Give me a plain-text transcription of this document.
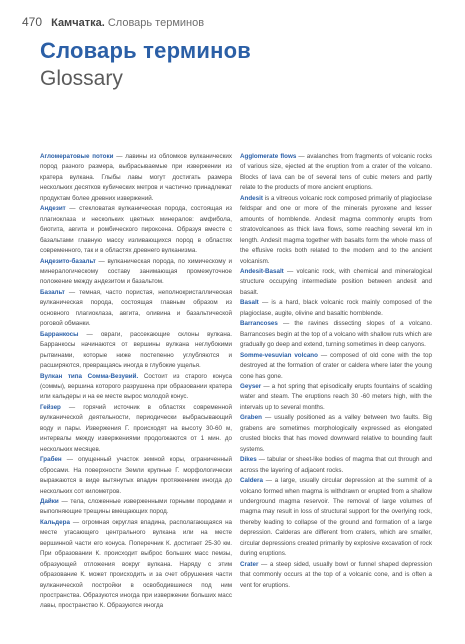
470 Камчатка. Словарь терминов
Словарь терминов
Glossary

Агломератовые потоки — лавины из обломков вулканических пород разного размера, выбрасываемые при извержении из кратера вулкана. Глыбы лавы могут достигать размера нескольких десятков кубических метров и частично принадлежат продуктам более древних извержений.

Андезит — стекловатая вулканическая порода, состоящая из плагиоклаза и нескольких цветных минералов: амфибола, биотита, авгита и ромбического пироксена. Образуя вместе с базальтами главную массу изливающихся пород в областях современного, так и в областях древнего вулканизма.

Андезито-базальт — вулканическая порода, по химическому и минералогическому составу занимающая промежуточное положение между андезитом и базальтом.

Базальт — темная, часто пористая, неполнокристаллическая вулканическая порода, состоящая главным образом из основного плагиоклаза, авгита, оливина и базальтической роговой обманки.

Барранкосы — овраги, рассекающие склоны вулкана. Барранкосы начинаются от вершины вулкана неглубокими рытвинами, которые ниже постепенно углубляются и расширяются, превращаясь иногда в глубокие ущелья.

Вулкан типа Сомма-Везувий. Состоит из старого конуса (соммы), вершина которого разрушена при образовании кратера или кальдеры и на ее месте вырос молодой конус.

Гейзер — горячий источник в областях современной вулканической деятельности, периодически выбрасывающий воду и пары. Извержения Г. происходят на высоту 30-60 м, интервалы между извержениями продолжаются от 1 мин. до нескольких месяцев.

Грабен — опущенный участок земной коры, ограниченный сбросами. На поверхности Земли крупные Г. морфологически выражаются в виде вытянутых впадин протяжением иногда до нескольких сот километров.

Дайки — тела, сложенные изверженными горными породами и выполняющие трещины вмещающих пород.

Кальдера — огромная округлая впадина, располагающаяся на месте угасающего центрального вулкана или на месте вершинной части его конуса. Поперечник К. достигает 25-30 км. При образовании К. происходит выброс больших масс пемзы, образующей отложения вокруг вулкана. Наряду с этим образование К. может происходить и за счет обрушения части вулканической постройки в освободившиеся под ним пространства. Образуются иногда при извержении больших масс лавы, пространство К. Образуются иногда

Agglomerate flows — avalanches from fragments of volcanic rocks of various size, ejected at the eruption from a crater of the volcano. Blocks of lava can be of several tens of cubic meters and partly relate to the products of more ancient eruptions.

Andesit is a vitreous volcanic rock composed primarily of plagioclase feldspar and one or more of the minerals pyroxene and lesser amounts of hornblende. Andesit magma commonly erupts from stratovolcanoes as thick lava flows, some reaching several km in length. Andesit magma together with basalts form the whole mass of the effusive rocks both related to the modern and to the ancient volcanism.

Andesit-Basalt — volcanic rock, with chemical and mineralogical structure occupying intermediate position between andesit and basalt.

Basalt — is a hard, black volcanic rock mainly composed of the plagioclase, augite, olivine and basaltic hornblende.

Barrancoses — the ravines dissecting slopes of a volcano. Barrancoses begin at the top of a volcano with shallow ruts which are gradually go deep and extend, turning sometimes in deep canyons.

Somme-vesuvian volcano — composed of old cone with the top destroyed at the formation of crater or caldera where later the young cone has gone.

Geyser — a hot spring that episodically erupts fountains of scalding water and steam. The eruptions reach 30 -60 meters high, with the intervals up to several months.

Graben — usually positioned as a valley between two faults. Big grabens are sometimes morphologically expressed as elongated crusted blocks that has moved downward relative to bounding fault systems.

Dikes — tabular or sheet-like bodies of magma that cut through and across the layering of adjacent rocks.

Caldera — a large, usually circular depression at the summit of a volcano formed when magma is withdrawn or erupted from a shallow underground magma reservoir. The removal of large volumes of magma may result in loss of structural support for the overlying rock, thereby leading to collapse of the ground and formation of a large depression. Calderas are different from craters, which are smaller, circular depressions created primarily by explosive excavation of rock during eruptions.

Crater — a steep sided, usually bowl or funnel shaped depression that commonly occurs at the top of a volcanic cone, and is often a vent for eruptions.
